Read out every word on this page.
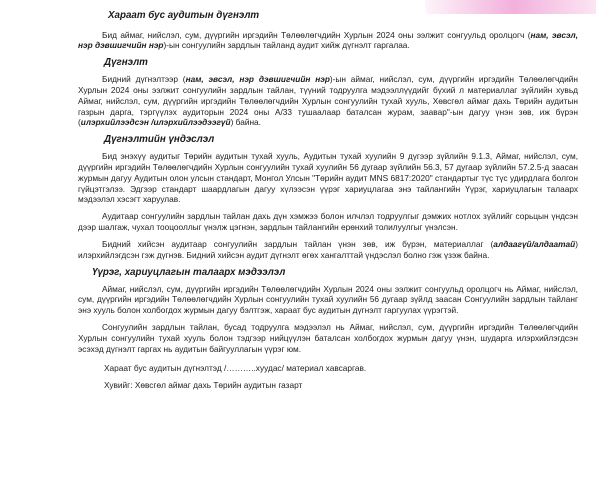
Хараат бус аудитын дүгнэлт

Бид аймаг, нийслэл, сум, дүүргийн иргэдийн Төлөөлөгчдийн Хурлын 2024 оны ээлжит сонгуульд оролцогч (нам, эвсэл, нэр дэвшигчийн нэр)-ын сонгуулийн зардлын тайланд аудит хийж дүгнэлт гаргалаа.

Дүгнэлт

Бидний дүгнэлтээр (нам, эвсэл, нэр дэвшигчийн нэр)-ын аймаг, нийслэл, сум, дүүргийн иргэдийн Төлөөлөгчдийн Хурлын 2024 оны ээлжит сонгуулийн зардлын тайлан, түүний тодруулга мэдээллүүдийг бүхий л материаллаг зүйлийн хувьд Аймаг, нийслэл, сум, дүүргийн иргэдийн Төлөөлөгчдийн Хурлын сонгуулийн тухай хууль, Хөвсгөл аймаг дахь Төрийн аудитын газрын дарга, тэргүүлэх аудиторын 2024 оны А/33 тушаалаар баталсан журам, заавар"-ын дагуу үнэн зөв, иж бүрэн (илэрхийлээдсэн /илэрхийлээдээгүй) байна.

Дүгнэлтийн үндэслэл

Бид энэхүү аудитыг Төрийн аудитын тухай хууль, Аудитын тухай хуулийн 9 дүгээр зүйлийн 9.1.3, Аймаг, нийслэл, сум, дүүргийн иргэдийн Төлөөлөгчдийн Хурлын сонгуулийн тухай хуулийн 56 дугаар зүйлийн 56.3, 57 дугаар зүйлийн 57.2.5-д заасан журмын дагуу Аудитын олон улсын стандарт, Монгол Улсын "Төрийн аудит MNS 6817:2020" стандартыг түс түс удирдлага болгон гүйцэтгэлээ. Эдгээр стандарт шаардлагын дагуу хүлээсэн үүрэг хариуцлагаа энэ тайлангийн Үүрэг, хариуцлагын талаарх мэдээлэл хэсэгт харуулав.

Аудитаар сонгуулийн зардлын тайлан дахь дүн хэмжээ болон илчлэл тодруулгыг дэмжих нотлох зүйлийг сорьцын үндсэн дээр шалгаж, чухал тооцооллыг үнэлж цэгнэн, зардлын тайлангийн ерөнхий толилуулгыг үнэлсэн.

Бидний хийсэн аудитаар сонгуулийн зардлын тайлан үнэн зөв, иж бүрэн, материаллаг (алдаагүй/алдаатай) илэрхийлэгдсэн гэж дүгнэв. Бидний хийсэн аудит дүгнэлт өгөх хангалттай үндэслэл болно гэж үзэж байна.

Үүрэг, хариуцлагын талаарх мэдээлэл

Аймаг, нийслэл, сум, дүүргийн иргэдийн Төлөөлөгчдийн Хурлын 2024 оны ээлжит сонгуульд оролцогч нь Аймаг, нийслэл, сум, дүүргийн иргэдийн Төлөөлөгчдийн Хурлын сонгуулийн тухай хуулийн 56 дугаар зүйлд заасан Сонгуулийн зардлын тайланг энэ хууль болон холбогдох журмын дагуу бэлтгэж, хараат бус аудитын дүгнэлт гаргуулах үүрэгтэй.

Сонгуулийн зардлын тайлан, бусад тодруулга мэдээлэл нь Аймаг, нийслэл, сум, дүүргийн иргэдийн Төлөөлөгчдийн Хурлын сонгуулийн тухай хууль болон тэдгээр нийцүүлэн баталсан холбогдох журмын дагуу үнэн, шударга илэрхийлэгдсэн эсэхэд дүгнэлт гаргах нь аудитын байгууллагын үүрэг юм.

Хараат бус аудитын дүгнэлтэд /………..хуудас/ материал хавсаргав.

Хувийг: Хөвсгөл аймаг дахь Төрийн аудитын газарт
